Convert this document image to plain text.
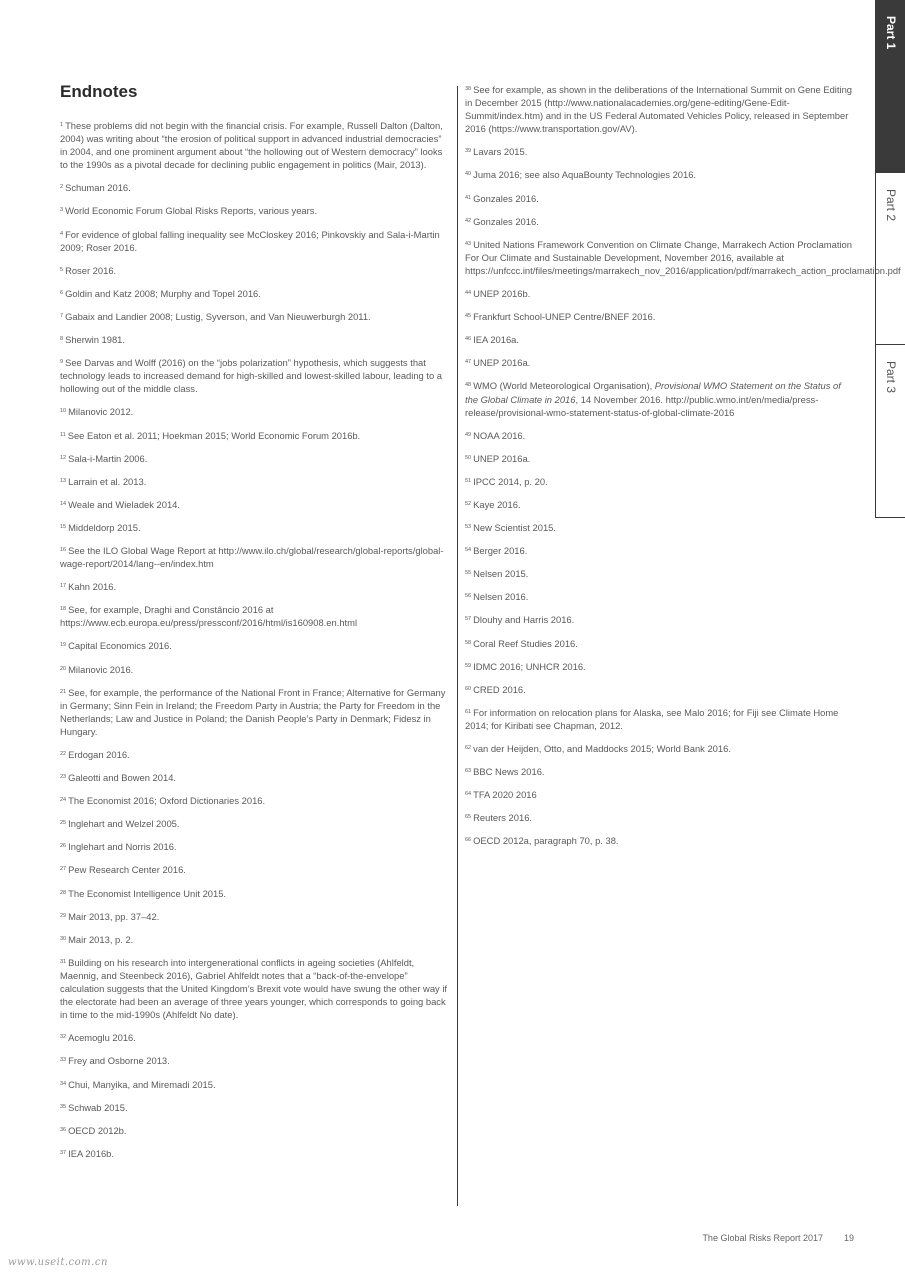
Endnotes

$^1$ These problems did not begin with the financial crisis. For example, Russell Dalton (Dalton, 2004) was writing about “the erosion of political support in advanced industrial democracies” in 2004, and one prominent argument about “the hollowing out of Western democracy” looks to the 1990s as a pivotal decade for declining public engagement in politics (Mair, 2013).

$^2$ Schuman 2016.

$^3$ World Economic Forum Global Risks Reports, various years.

$^4$ For evidence of global falling inequality see McCloskey 2016; Pinkovskiy and Sala-i-Martin 2009; Roser 2016.

$^5$ Roser 2016.

$^6$ Goldin and Katz 2008; Murphy and Topel 2016.

$^7$ Gabaix and Landier 2008; Lustig, Syverson, and Van Nieuwerburgh 2011.

$^8$ Sherwin 1981.

$^9$ See Darvas and Wolff (2016) on the “jobs polarization” hypothesis, which suggests that technology leads to increased demand for high-skilled and lowest-skilled labour, leading to a hollowing out of the middle class.

$^{10}$ Milanovic 2012.

$^{11}$ See Eaton et al. 2011; Hoekman 2015; World Economic Forum 2016b.

$^{12}$ Sala-i-Martin 2006.

$^{13}$ Larrain et al. 2013.

$^{14}$ Weale and Wieladek 2014.

$^{15}$ Middeldorp 2015.

$^{16}$ See the ILO Global Wage Report at http://www.ilo.ch/global/research/global-reports/global-wage-report/2014/lang--en/index.htm

$^{17}$ Kahn 2016.

$^{18}$ See, for example, Draghi and Constâncio 2016 at https://www.ecb.europa.eu/press/pressconf/2016/html/is160908.en.html

$^{19}$ Capital Economics 2016.

$^{20}$ Milanovic 2016.

$^{21}$ See, for example, the performance of the National Front in France; Alternative for Germany in Germany; Sinn Fein in Ireland; the Freedom Party in Austria; the Party for Freedom in the Netherlands; Law and Justice in Poland; the Danish People’s Party in Denmark; Fidesz in Hungary.

$^{22}$ Erdogan 2016.

$^{23}$ Galeotti and Bowen 2014.

$^{24}$ The Economist 2016; Oxford Dictionaries 2016.

$^{25}$ Inglehart and Welzel 2005.

$^{26}$ Inglehart and Norris 2016.

$^{27}$ Pew Research Center 2016.

$^{28}$ The Economist Intelligence Unit 2015.

$^{29}$ Mair 2013, pp. 37–42.

$^{30}$ Mair 2013, p. 2.

$^{31}$ Building on his research into intergenerational conflicts in ageing societies (Ahlfeldt, Maennig, and Steenbeck 2016), Gabriel Ahlfeldt notes that a “back-of-the-envelope” calculation suggests that the United Kingdom’s Brexit vote would have swung the other way if the electorate had been an average of three years younger, which corresponds to going back in time to the mid-1990s (Ahlfeldt No date).

$^{32}$ Acemoglu 2016.

$^{33}$ Frey and Osborne 2013.

$^{34}$ Chui, Manyika, and Miremadi 2015.

$^{35}$ Schwab 2015.

$^{36}$ OECD 2012b.

$^{37}$ IEA 2016b.

$^{38}$ See for example, as shown in the deliberations of the International Summit on Gene Editing in December 2015 (http://www.nationalacademies.org/gene-editing/Gene-Edit-Summit/index.htm) and in the US Federal Automated Vehicles Policy, released in September 2016 (https://www.transportation.gov/AV).

$^{39}$ Lavars 2015.

$^{40}$ Juma 2016; see also AquaBounty Technologies 2016.

$^{41}$ Gonzales 2016.

$^{42}$ Gonzales 2016.

$^{43}$ United Nations Framework Convention on Climate Change, Marrakech Action Proclamation For Our Climate and Sustainable Development, November 2016, available at https://unfccc.int/files/meetings/marrakech_nov_2016/application/pdf/marrakech_action_proclamation.pdf

$^{44}$ UNEP 2016b.

$^{45}$ Frankfurt School-UNEP Centre/BNEF 2016.

$^{46}$ IEA 2016a.

$^{47}$ UNEP 2016a.

$^{48}$ WMO (World Meteorological Organisation), Provisional WMO Statement on the Status of the Global Climate in 2016, 14 November 2016. http://public.wmo.int/en/media/press-release/provisional-wmo-statement-status-of-global-climate-2016

$^{49}$ NOAA 2016.

$^{50}$ UNEP 2016a.

$^{51}$ IPCC 2014, p. 20.

$^{52}$ Kaye 2016.

$^{53}$ New Scientist 2015.

$^{54}$ Berger 2016.

$^{55}$ Nelsen 2015.

$^{56}$ Nelsen 2016.

$^{57}$ Dlouhy and Harris 2016.

$^{58}$ Coral Reef Studies 2016.

$^{59}$ IDMC 2016; UNHCR 2016.

$^{60}$ CRED 2016.

$^{61}$ For information on relocation plans for Alaska, see Malo 2016; for Fiji see Climate Home 2014; for Kiribati see Chapman, 2012.

$^{62}$ van der Heijden, Otto, and Maddocks 2015; World Bank 2016.

$^{63}$ BBC News 2016.

$^{64}$ TFA 2020 2016

$^{65}$ Reuters 2016.

$^{66}$ OECD 2012a, paragraph 70, p. 38.

Part 1
Part 2
Part 3
The Global Risks Report 2017 19
www.useit.com.cn
